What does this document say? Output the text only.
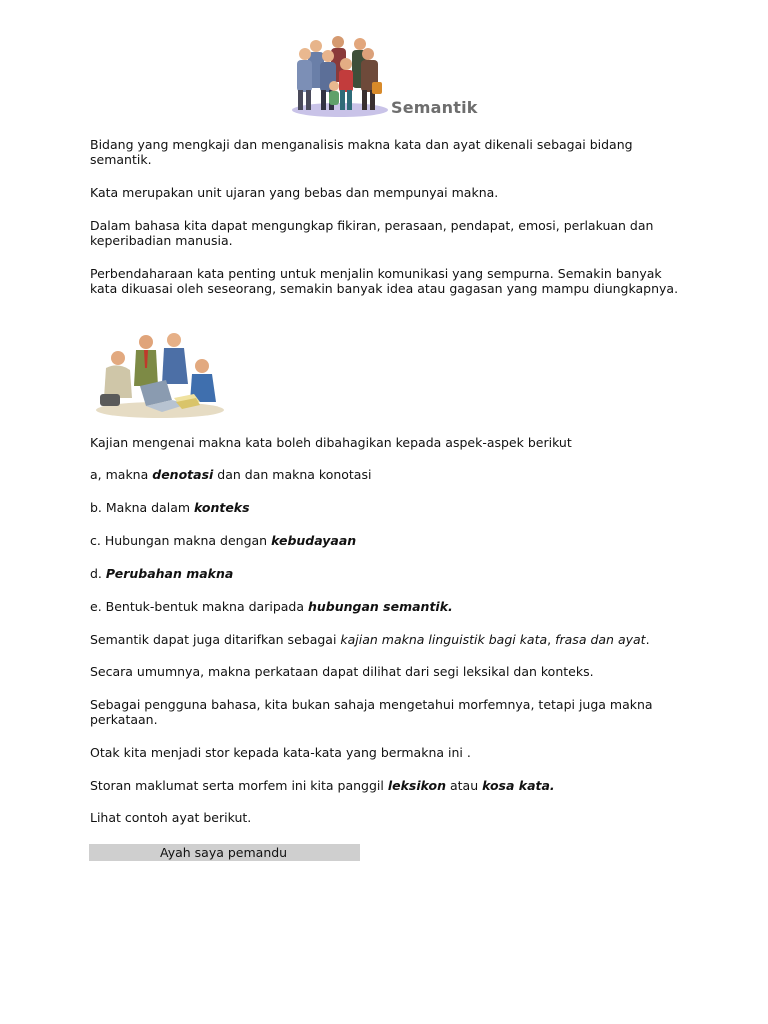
Semantik

Bidang yang mengkaji dan menganalisis makna kata dan ayat dikenali sebagai bidang semantik.

Kata merupakan unit ujaran yang bebas dan mempunyai makna.

Dalam bahasa kita dapat mengungkap fikiran, perasaan, pendapat, emosi, perlakuan dan keperibadian manusia.

Perbendaharaan kata penting untuk menjalin komunikasi yang sempurna. Semakin banyak kata dikuasai oleh seseorang, semakin banyak idea atau gagasan yang mampu diungkapnya.

Kajian mengenai makna kata boleh dibahagikan kepada aspek-aspek berikut

a, makna denotasi dan dan makna konotasi

b. Makna dalam konteks

c. Hubungan makna dengan kebudayaan

d. Perubahan makna

e. Bentuk-bentuk makna daripada hubungan semantik.

Semantik dapat juga ditarifkan sebagai kajian makna linguistik bagi kata, frasa dan ayat.

Secara umumnya, makna perkataan dapat dilihat dari segi leksikal dan konteks.

Sebagai pengguna bahasa, kita bukan sahaja mengetahui morfemnya, tetapi juga makna perkataan.

Otak kita menjadi stor kepada kata-kata yang bermakna ini .

Storan maklumat serta morfem ini kita panggil leksikon atau kosa kata.

Lihat contoh ayat berikut.

Ayah saya pemandu
